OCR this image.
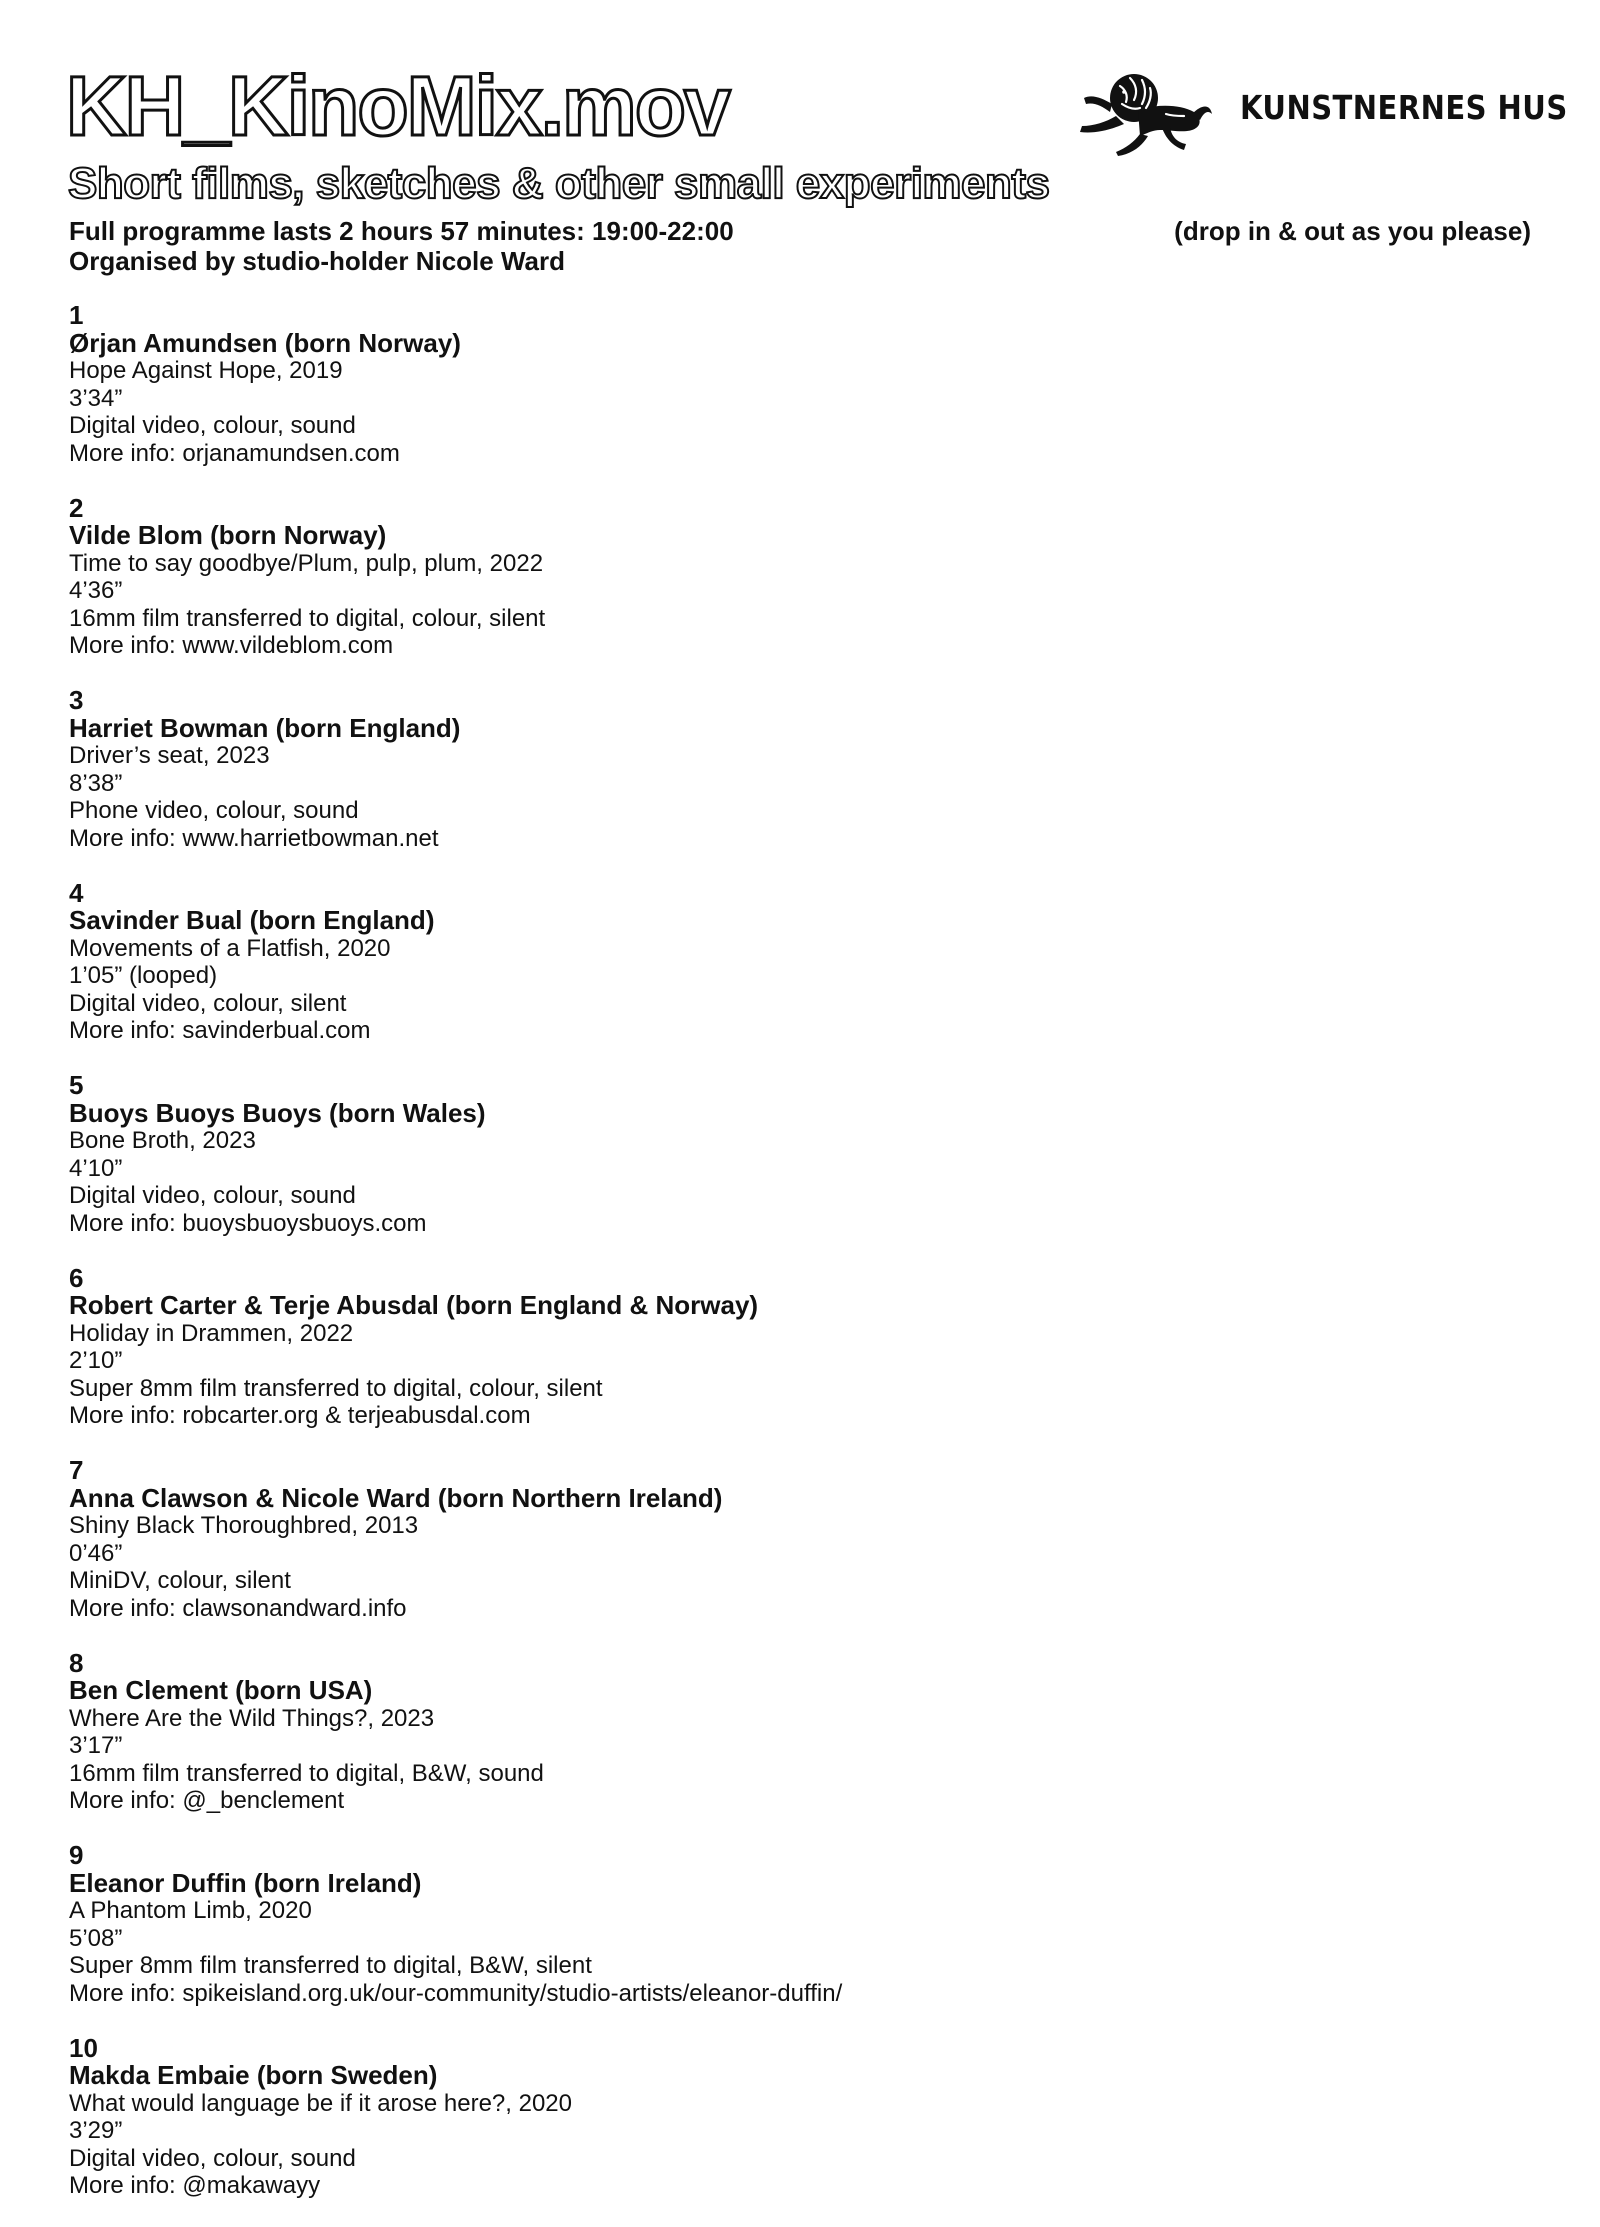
KH_KinoMix.mov
Short films, sketches & other small experiments
KUNSTNERNES HUS
Full programme lasts 2 hours 57 minutes: 19:00-22:00	(drop in & out as you please)
Organised by studio-holder Nicole Ward
1
Ørjan Amundsen (born Norway)
Hope Against Hope, 2019
3’34”
Digital video, colour, sound
More info: orjanamundsen.com
2
Vilde Blom (born Norway)
Time to say goodbye/Plum, pulp, plum, 2022
4’36”
16mm film transferred to digital, colour, silent
More info: www.vildeblom.com
3
Harriet Bowman (born England)
Driver’s seat, 2023
8’38”
Phone video, colour, sound
More info: www.harrietbowman.net
4
Savinder Bual (born England)
Movements of a Flatfish, 2020
1’05” (looped)
Digital video, colour, silent
More info: savinderbual.com
5
Buoys Buoys Buoys (born Wales)
Bone Broth, 2023
4’10”
Digital video, colour, sound
More info: buoysbuoysbuoys.com
6
Robert Carter & Terje Abusdal (born England & Norway)
Holiday in Drammen, 2022
2’10”
Super 8mm film transferred to digital, colour, silent
More info: robcarter.org & terjeabusdal.com
7
Anna Clawson & Nicole Ward (born Northern Ireland)
Shiny Black Thoroughbred, 2013
0’46”
MiniDV, colour, silent
More info: clawsonandward.info
8
Ben Clement (born USA)
Where Are the Wild Things?, 2023
3’17”
16mm film transferred to digital, B&W, sound
More info: @_benclement
9
Eleanor Duffin (born Ireland)
A Phantom Limb, 2020
5’08”
Super 8mm film transferred to digital, B&W, silent
More info: spikeisland.org.uk/our-community/studio-artists/eleanor-duffin/
10
Makda Embaie (born Sweden)
What would language be if it arose here?, 2020
3’29”
Digital video, colour, sound
More info: @makawayy
